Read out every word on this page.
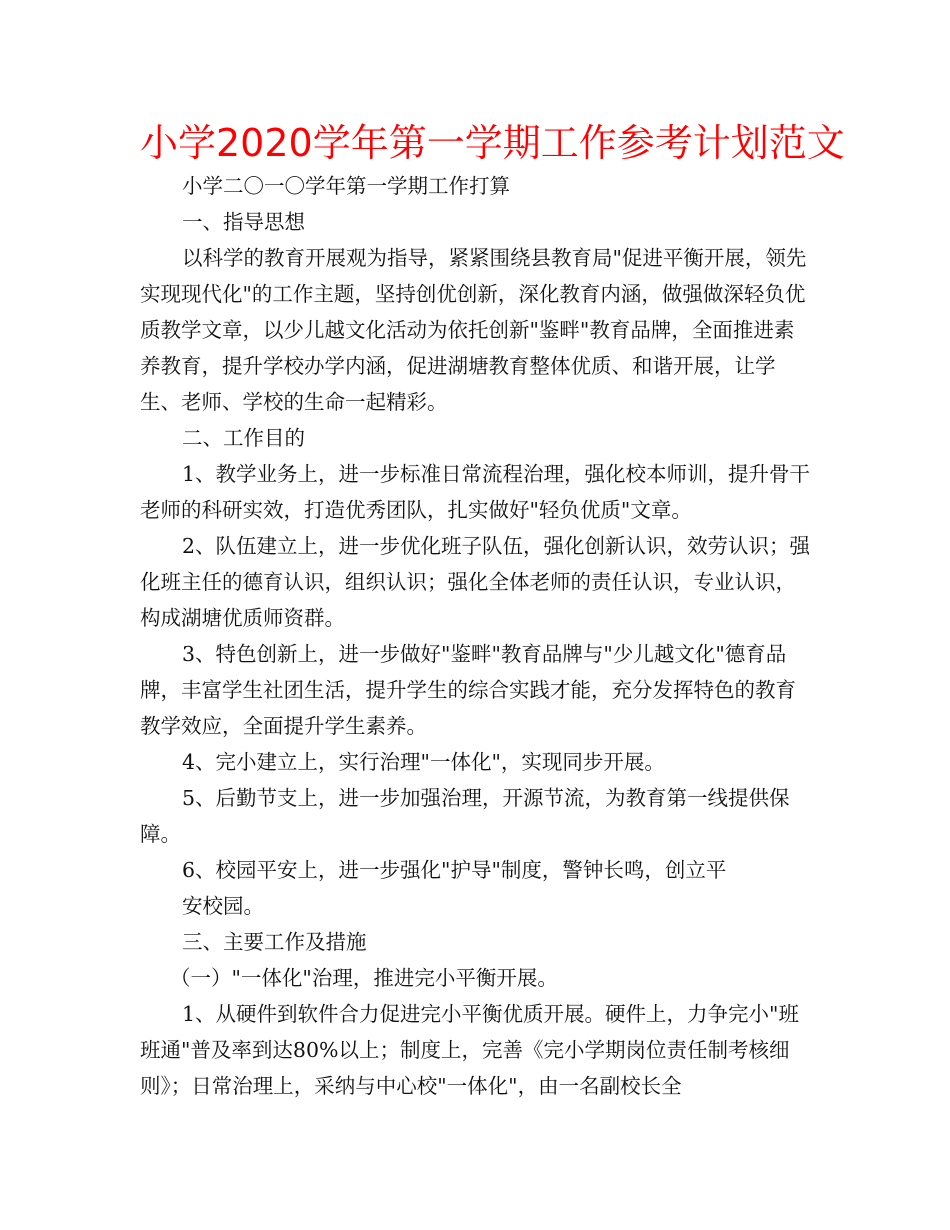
小学2020学年第一学期工作参考计划范文

小学二〇一〇学年第一学期工作打算

一、指导思想

以科学的教育开展观为指导，紧紧围绕县教育局"促进平衡开展，领先实现现代化"的工作主题，坚持创优创新，深化教育内涵，做强做深轻负优质教学文章，以少儿越文化活动为依托创新"鉴畔"教育品牌，全面推进素养教育，提升学校办学内涵，促进湖塘教育整体优质、和谐开展，让学生、老师、学校的生命一起精彩。

二、工作目的

1、教学业务上，进一步标准日常流程治理，强化校本师训，提升骨干老师的科研实效，打造优秀团队，扎实做好"轻负优质"文章。

2、队伍建立上，进一步优化班子队伍，强化创新认识，效劳认识；强化班主任的德育认识，组织认识；强化全体老师的责任认识，专业认识，构成湖塘优质师资群。

3、特色创新上，进一步做好"鉴畔"教育品牌与"少儿越文化"德育品牌，丰富学生社团生活，提升学生的综合实践才能，充分发挥特色的教育教学效应，全面提升学生素养。

4、完小建立上，实行治理"一体化"，实现同步开展。

5、后勤节支上，进一步加强治理，开源节流，为教育第一线提供保障。

6、校园平安上，进一步强化"护导"制度，警钟长鸣，创立平

安校园。

三、主要工作及措施

（一）"一体化"治理，推进完小平衡开展。

1、从硬件到软件合力促进完小平衡优质开展。硬件上，力争完小"班班通"普及率到达80%以上；制度上，完善《完小学期岗位责任制考核细则》；日常治理上，采纳与中心校"一体化"，由一名副校长全
